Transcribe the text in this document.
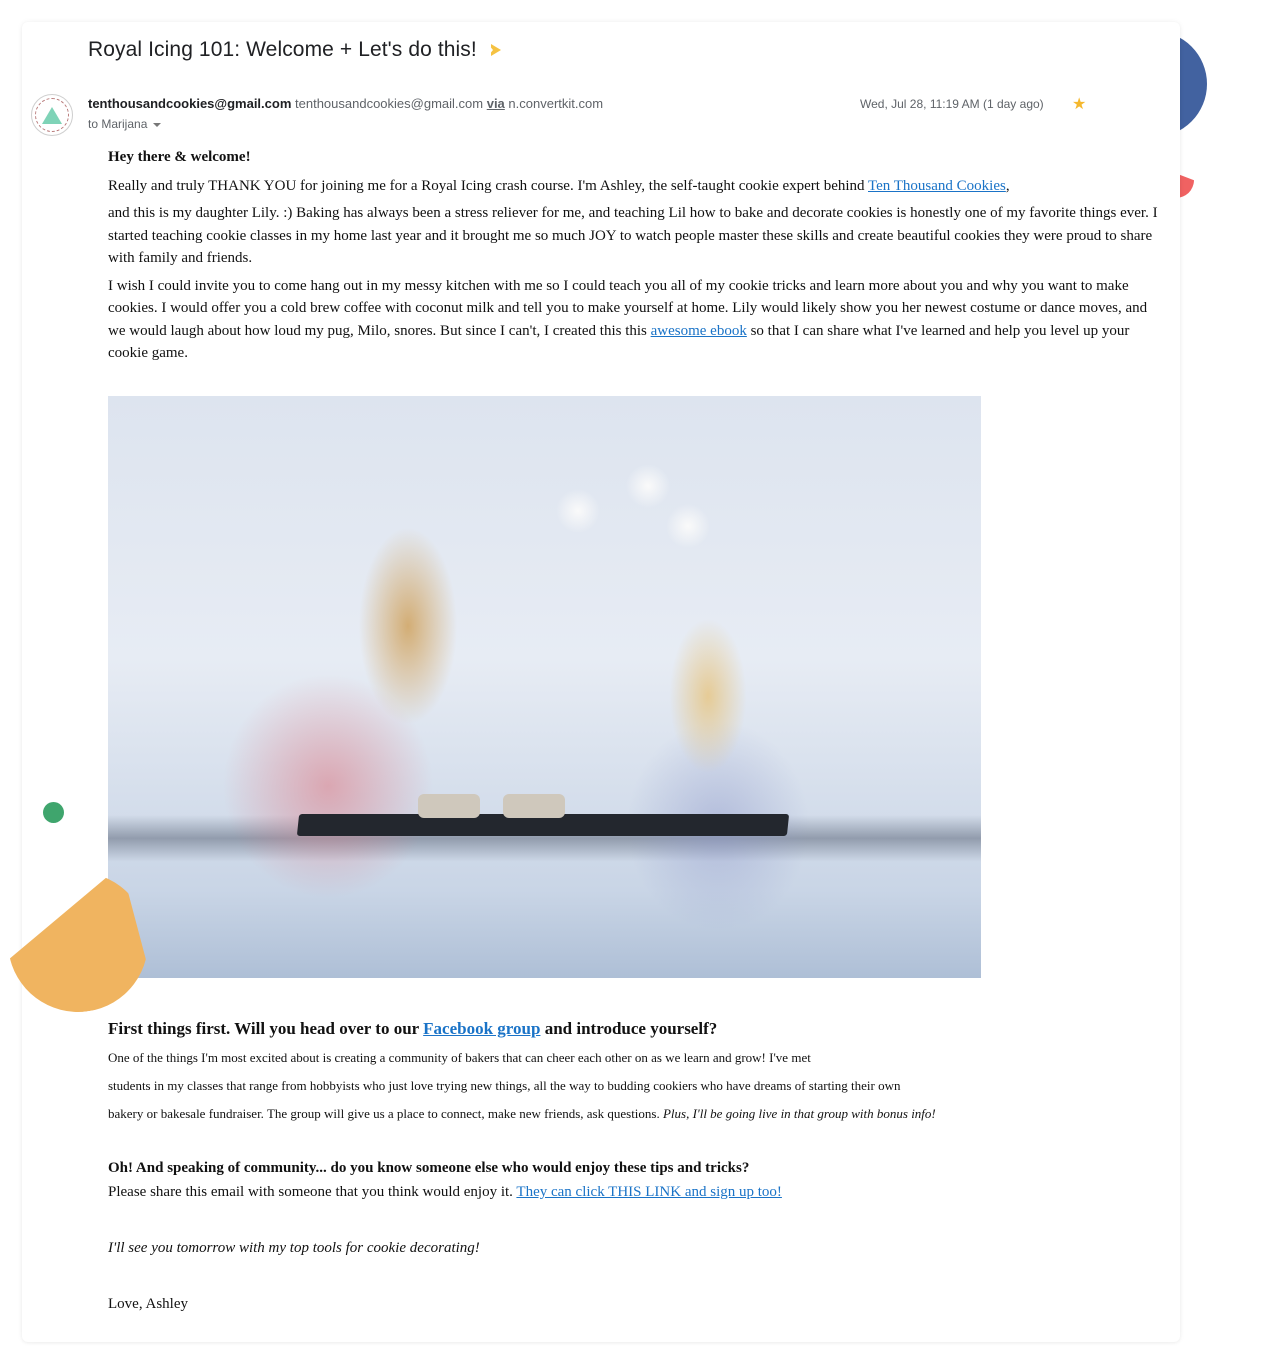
Royal Icing 101: Welcome + Let's do this!
tenthousandcookies@gmail.com tenthousandcookies@gmail.com via n.convertkit.com
to Marijana
Wed, Jul 28, 11:19 AM (1 day ago) ★

Hey there & welcome!

Really and truly THANK YOU for joining me for a Royal Icing crash course. I'm Ashley, the self-taught cookie expert behind Ten Thousand Cookies,

and this is my daughter Lily. :) Baking has always been a stress reliever for me, and teaching Lil how to bake and decorate cookies is honestly one of my favorite things ever. I started teaching cookie classes in my home last year and it brought me so much JOY to watch people master these skills and create beautiful cookies they were proud to share with family and friends.

I wish I could invite you to come hang out in my messy kitchen with me so I could teach you all of my cookie tricks and learn more about you and why you want to make cookies. I would offer you a cold brew coffee with coconut milk and tell you to make yourself at home. Lily would likely show you her newest costume or dance moves, and we would laugh about how loud my pug, Milo, snores. But since I can't, I created this this awesome ebook so that I can share what I've learned and help you level up your cookie game.

First things first. Will you head over to our Facebook group and introduce yourself?

One of the things I'm most excited about is creating a community of bakers that can cheer each other on as we learn and grow! I've met
students in my classes that range from hobbyists who just love trying new things, all the way to budding cookiers who have dreams of starting their own
bakery or bakesale fundraiser. The group will give us a place to connect, make new friends, ask questions. Plus, I'll be going live in that group with bonus info!

Oh! And speaking of community... do you know someone else who would enjoy these tips and tricks?

Please share this email with someone that you think would enjoy it. They can click THIS LINK and sign up too!

I'll see you tomorrow with my top tools for cookie decorating!

Love, Ashley
